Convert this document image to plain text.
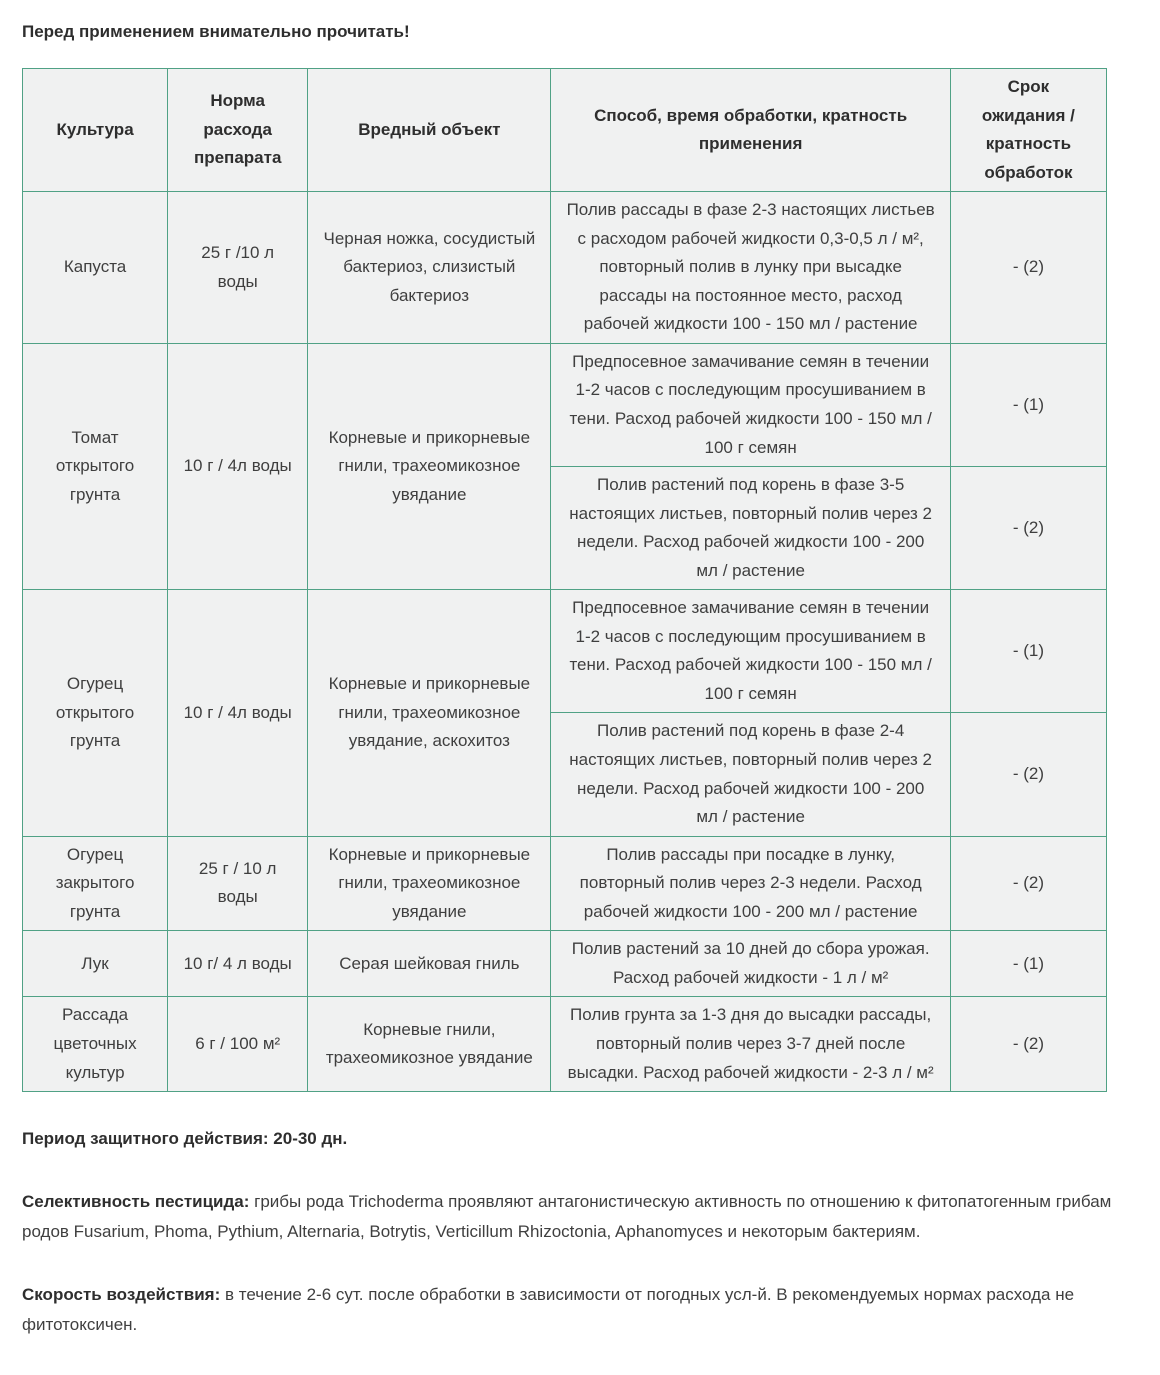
Перед применением внимательно прочитать!

Культура	Норма расхода препарата	Вредный объект	Способ, время обработки, кратность применения	Срок ожидания / кратность обработок
Капуста	25 г /10 л воды	Черная ножка, сосудистый бактериоз, слизистый бактериоз	Полив рассады в фазе 2-3 настоящих листьев с расходом рабочей жидкости 0,3-0,5 л / м², повторный полив в лунку при высадке рассады на постоянное место, расход рабочей жидкости 100 - 150 мл / растение	- (2)
Томат открытого грунта	10 г / 4л воды	Корневые и прикорневые гнили, трахеомикозное увядание	Предпосевное замачивание семян в течении 1-2 часов с последующим просушиванием в тени. Расход рабочей жидкости 100 - 150 мл / 100 г семян	- (1)
			Полив растений под корень в фазе 3-5 настоящих листьев, повторный полив через 2 недели. Расход рабочей жидкости 100 - 200 мл / растение	- (2)
Огурец открытого грунта	10 г / 4л воды	Корневые и прикорневые гнили, трахеомикозное увядание, аскохитоз	Предпосевное замачивание семян в течении 1-2 часов с последующим просушиванием в тени. Расход рабочей жидкости 100 - 150 мл / 100 г семян	- (1)
			Полив растений под корень в фазе 2-4 настоящих листьев, повторный полив через 2 недели. Расход рабочей жидкости 100 - 200 мл / растение	- (2)
Огурец закрытого грунта	25 г / 10 л воды	Корневые и прикорневые гнили, трахеомикозное увядание	Полив рассады при посадке в лунку, повторный полив через 2-3 недели. Расход рабочей жидкости 100 - 200 мл / растение	- (2)
Лук	10 г/ 4 л воды	Серая шейковая гниль	Полив растений за 10 дней до сбора урожая. Расход рабочей жидкости - 1 л / м²	- (1)
Рассада цветочных культур	6 г / 100 м²	Корневые гнили, трахеомикозное увядание	Полив грунта за 1-3 дня до высадки рассады, повторный полив через 3-7 дней после высадки. Расход рабочей жидкости - 2-3 л / м²	- (2)

Период защитного действия: 20-30 дн.

Селективность пестицида: грибы рода Trichoderma проявляют антагонистическую активность по отношению к фитопатогенным грибам родов Fusarium, Phoma, Pythium, Alternaria, Botrytis, Verticillum Rhizoctonia, Aphanomyces и некоторым бактериям.

Скорость воздействия: в течение 2-6 сут. после обработки в зависимости от погодных усл-й. В рекомендуемых нормах расхода не фитотоксичен.
